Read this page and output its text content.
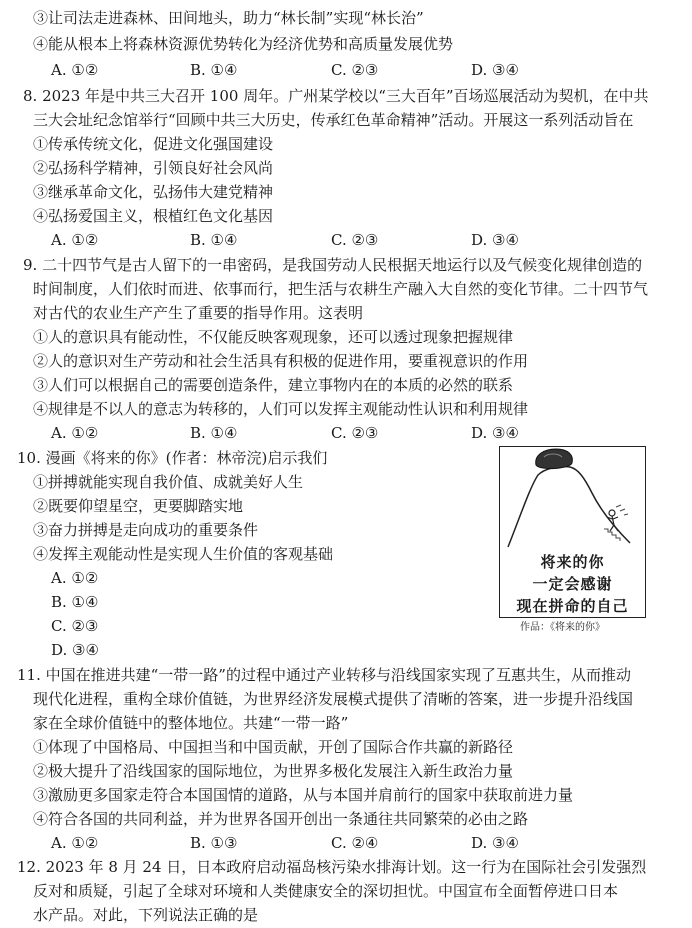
③让司法走进森林、田间地头，助力“林长制”实现“林长治”
④能从根本上将森林资源优势转化为经济优势和高质量发展优势
A. ①②	B. ①④	C. ②③	D. ③④
8. 2023 年是中共三大召开 100 周年。广州某学校以“三大百年”百场巡展活动为契机，在中共
三大会址纪念馆举行“回顾中共三大历史，传承红色革命精神”活动。开展这一系列活动旨在
①传承传统文化，促进文化强国建设
②弘扬科学精神，引领良好社会风尚
③继承革命文化，弘扬伟大建党精神
④弘扬爱国主义，根植红色文化基因
A. ①②	B. ①④	C. ②③	D. ③④
9. 二十四节气是古人留下的一串密码，是我国劳动人民根据天地运行以及气候变化规律创造的
时间制度，人们依时而进、依事而行，把生活与农耕生产融入大自然的变化节律。二十四节气
对古代的农业生产产生了重要的指导作用。这表明
①人的意识具有能动性，不仅能反映客观现象，还可以透过现象把握规律
②人的意识对生产劳动和社会生活具有积极的促进作用，要重视意识的作用
③人们可以根据自己的需要创造条件，建立事物内在的本质的必然的联系
④规律是不以人的意志为转移的，人们可以发挥主观能动性认识和利用规律
A. ①②	B. ①④	C. ②③	D. ③④
10. 漫画《将来的你》(作者：林帝浣)启示我们
①拼搏就能实现自我价值、成就美好人生
②既要仰望星空，更要脚踏实地
③奋力拼搏是走向成功的重要条件
④发挥主观能动性是实现人生价值的客观基础
A. ①②
B. ①④
C. ②③
D. ③④
将来的你
一定会感谢
现在拼命的自己
作品：《将来的你》
11. 中国在推进共建“一带一路”的过程中通过产业转移与沿线国家实现了互惠共生，从而推动
现代化进程，重构全球价值链，为世界经济发展模式提供了清晰的答案，进一步提升沿线国
家在全球价值链中的整体地位。共建“一带一路”
①体现了中国格局、中国担当和中国贡献，开创了国际合作共赢的新路径
②极大提升了沿线国家的国际地位，为世界多极化发展注入新生政治力量
③激励更多国家走符合本国国情的道路，从与本国并肩前行的国家中获取前进力量
④符合各国的共同利益，并为世界各国开创出一条通往共同繁荣的必由之路
A. ①②	B. ①③	C. ②④	D. ③④
12. 2023 年 8 月 24 日，日本政府启动福岛核污染水排海计划。这一行为在国际社会引发强烈
反对和质疑，引起了全球对环境和人类健康安全的深切担忧。中国宣布全面暂停进口日本
水产品。对此，下列说法正确的是
